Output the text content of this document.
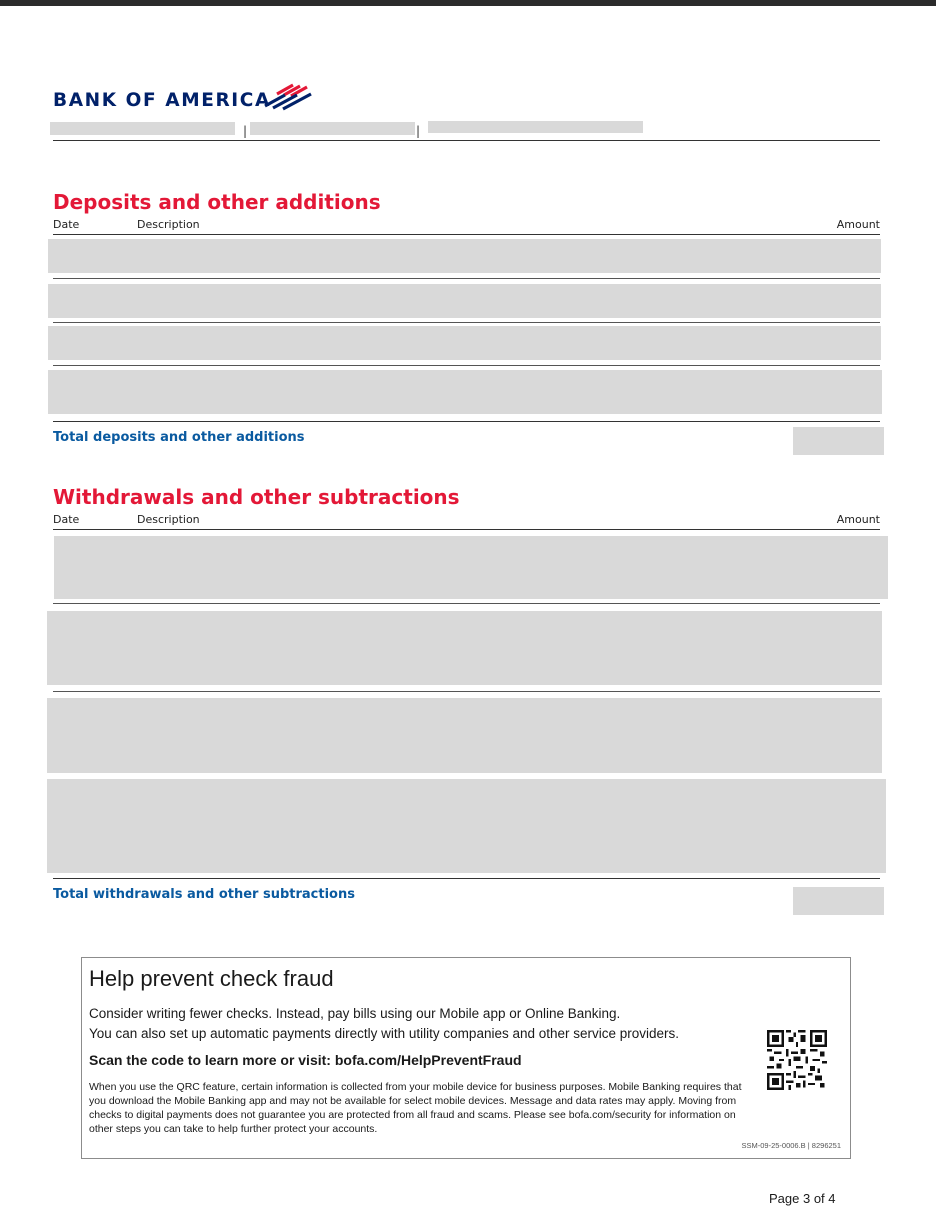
BANK OF AMERICA
|	|
Deposits and other additions
Date	Description	Amount
Total deposits and other additions
Withdrawals and other subtractions
Date	Description	Amount
Total withdrawals and other subtractions
Help prevent check fraud
Consider writing fewer checks. Instead, pay bills using our Mobile app or Online Banking.
You can also set up automatic payments directly with utility companies and other service providers.
Scan the code to learn more or visit: bofa.com/HelpPreventFraud
When you use the QRC feature, certain information is collected from your mobile device for business purposes. Mobile Banking requires that you download the Mobile Banking app and may not be available for select mobile devices. Message and data rates may apply. Moving from checks to digital payments does not guarantee you are protected from all fraud and scams. Please see bofa.com/security for information on other steps you can take to help further protect your accounts.
SSM-09-25-0006.B | 8296251
Page 3 of 4
